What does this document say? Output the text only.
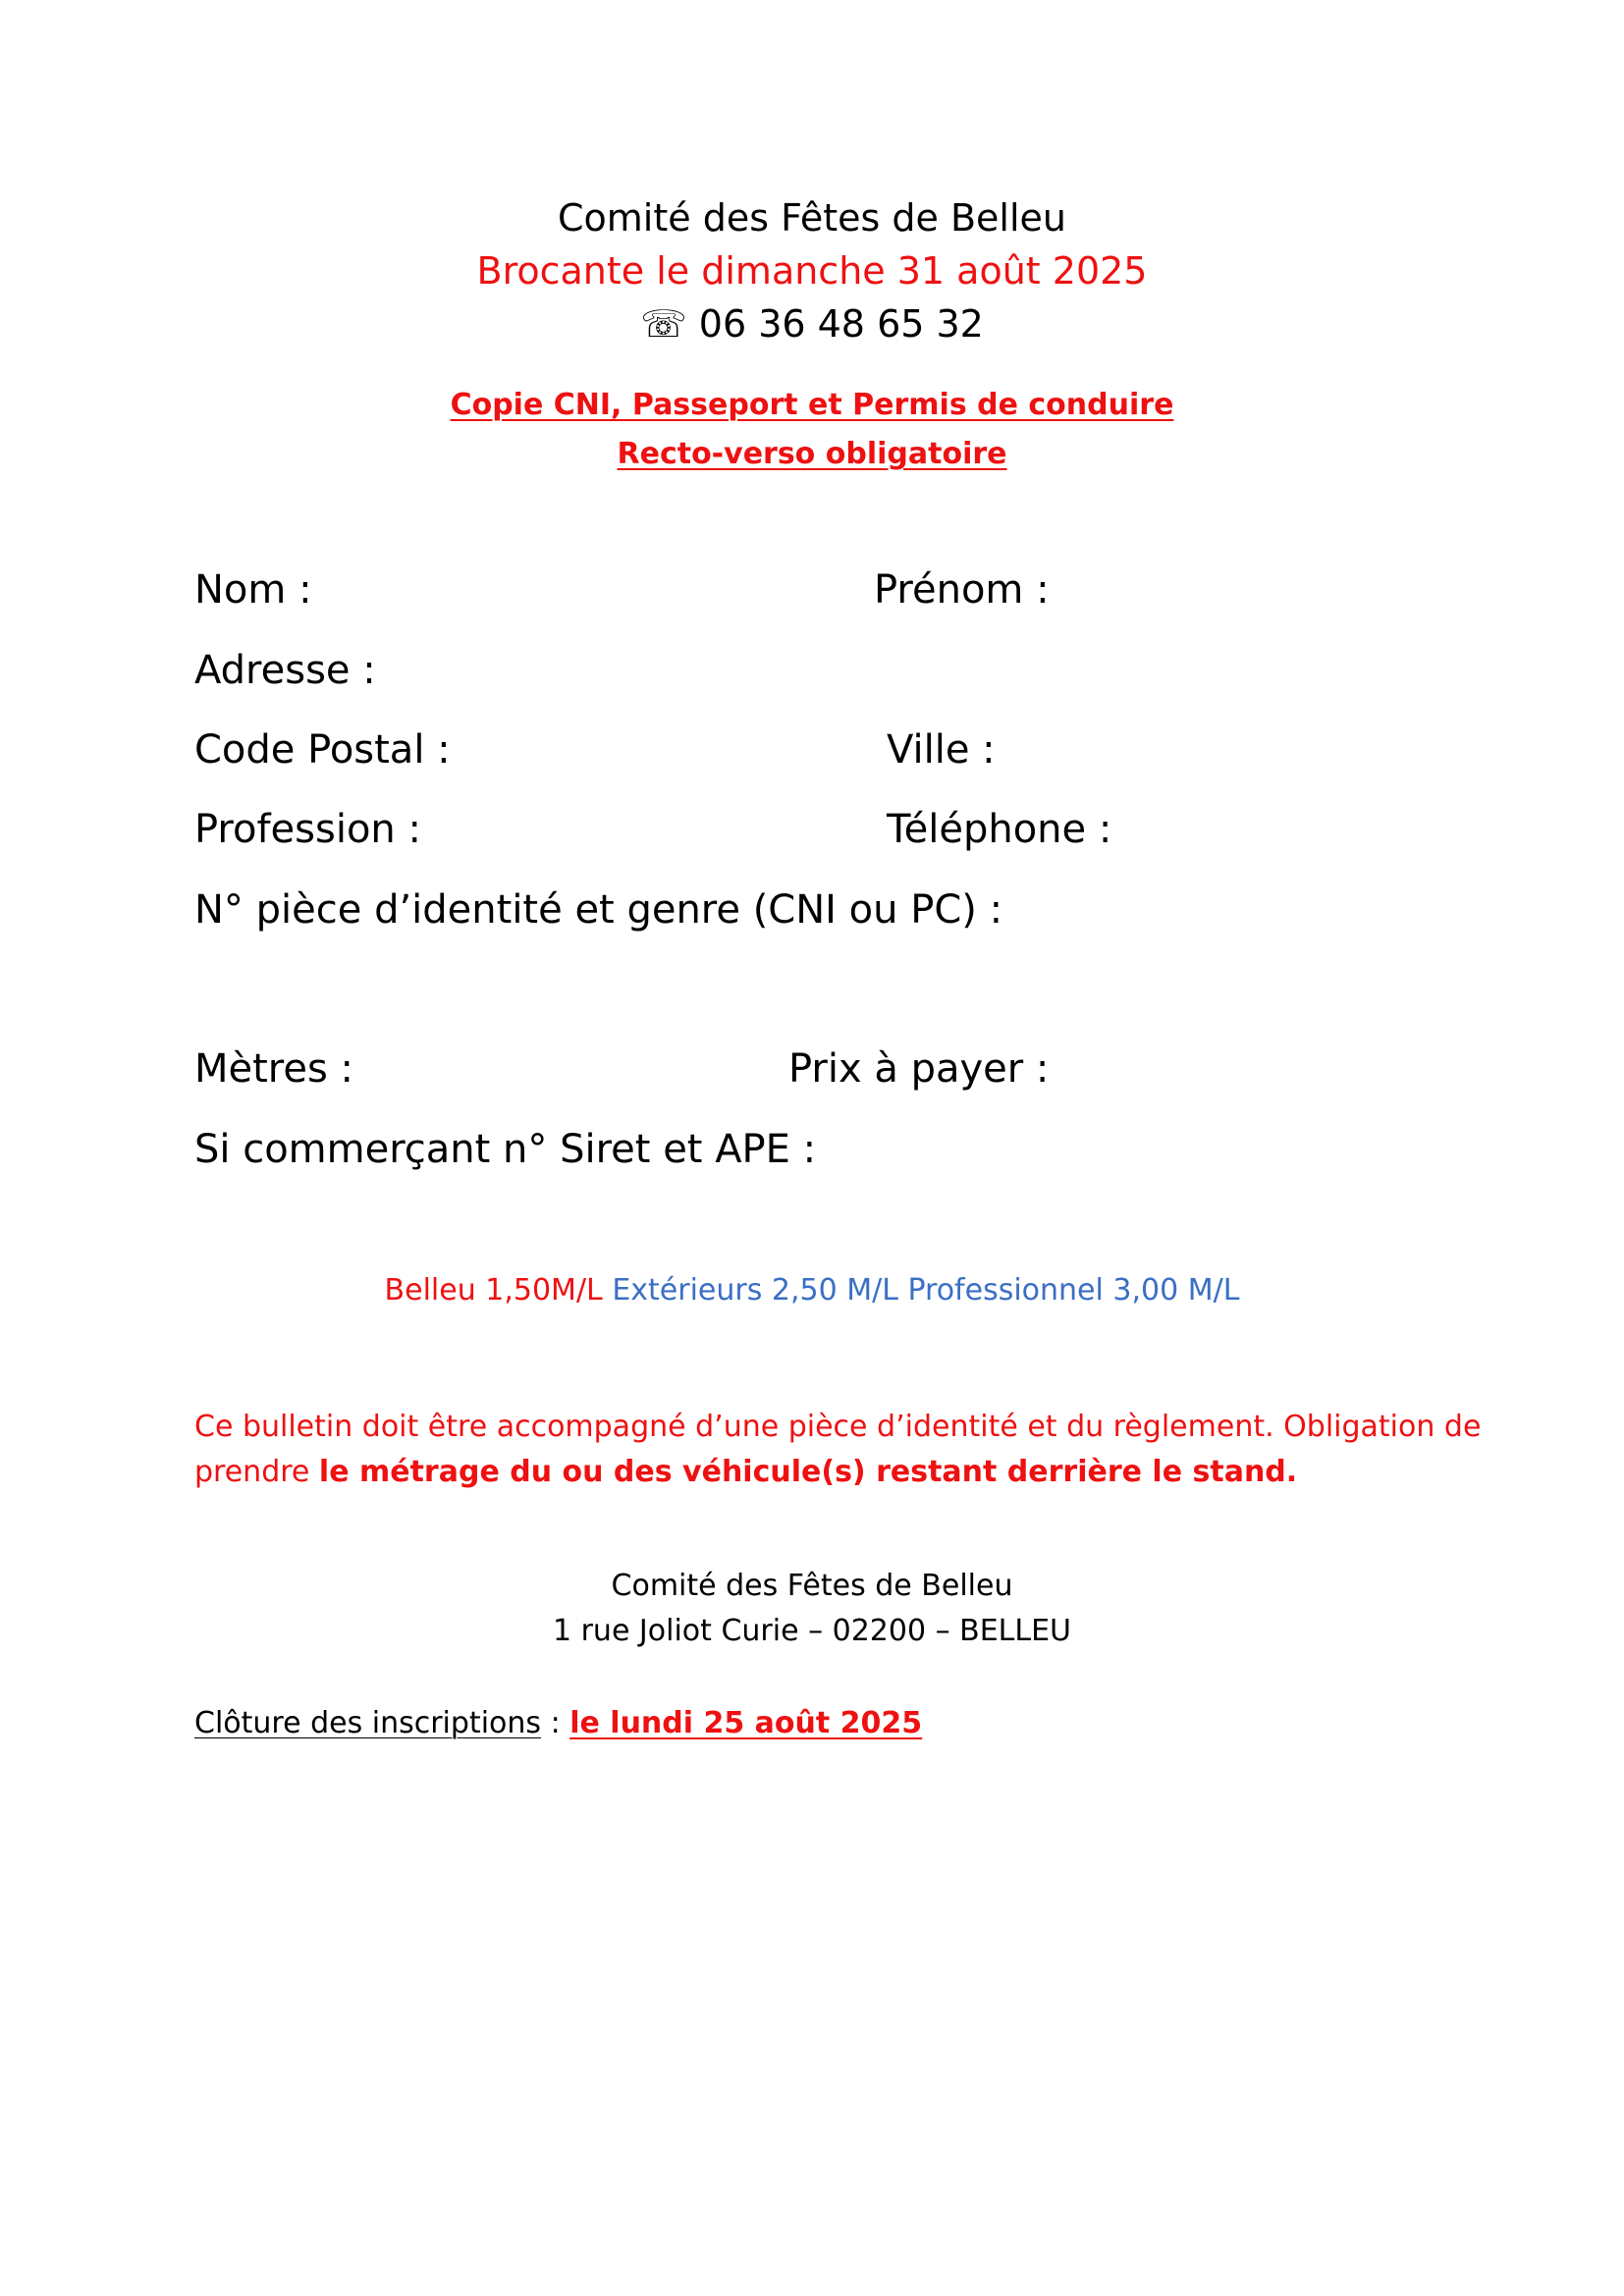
Comité des Fêtes de Belleu
Brocante le dimanche 31 août 2025
☏ 06 36 48 65 32
Copie CNI, Passeport et Permis de conduire
Recto-verso obligatoire
Nom :	Prénom :
Adresse :
Code Postal :	Ville :
Profession :	Téléphone :
N° pièce d’identité et genre (CNI ou PC) :
Mètres :	Prix à payer :
Si commerçant n° Siret et APE :
Belleu 1,50M/L Extérieurs 2,50 M/L Professionnel 3,00 M/L
Ce bulletin doit être accompagné d’une pièce d’identité et du règlement. Obligation de
prendre le métrage du ou des véhicule(s) restant derrière le stand.
Comité des Fêtes de Belleu
1 rue Joliot Curie – 02200 – BELLEU
Clôture des inscriptions : le lundi 25 août 2025
